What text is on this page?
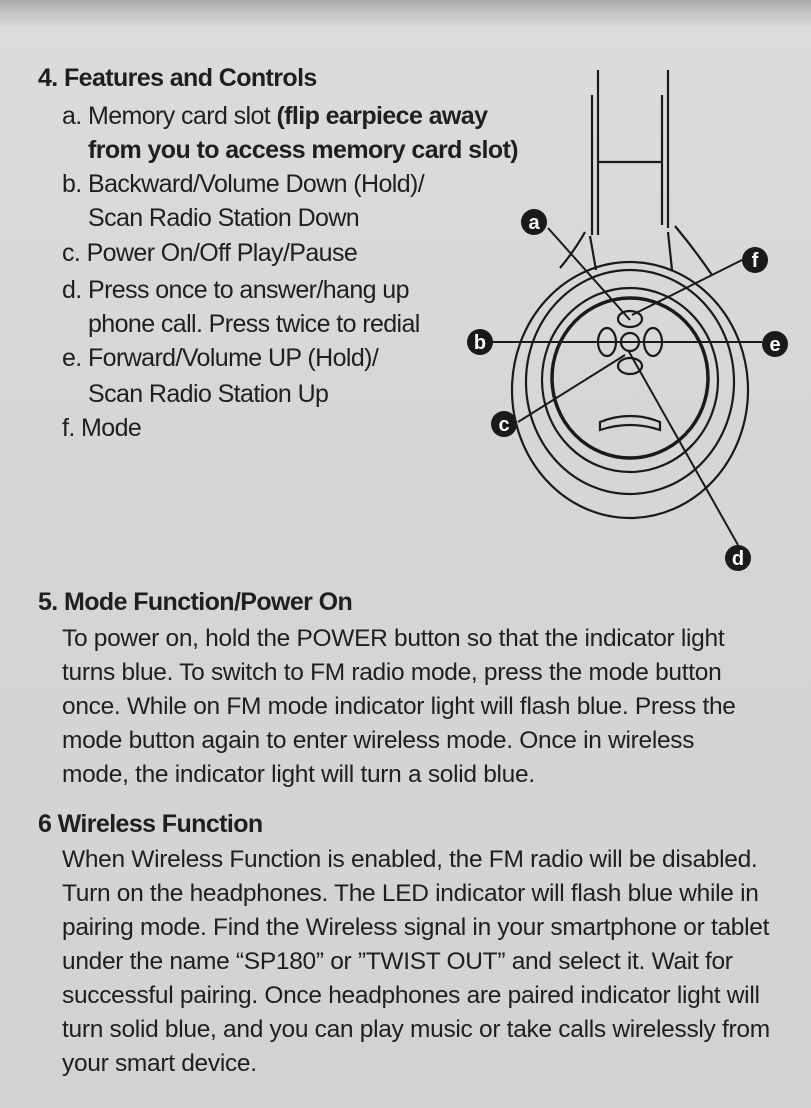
a
b
c
d
e
f
4. Features and Controls
a. Memory card slot (flip earpiece away
from you to access memory card slot)
b. Backward/Volume Down (Hold)/
Scan Radio Station Down
c. Power On/Off Play/Pause
d. Press once to answer/hang up
phone call. Press twice to redial
e. Forward/Volume UP (Hold)/
Scan Radio Station Up
f. Mode
5. Mode Function/Power On
To power on, hold the POWER button so that the indicator light
turns blue. To switch to FM radio mode, press the mode button
once. While on FM mode indicator light will flash blue. Press the
mode button again to enter wireless mode. Once in wireless
mode, the indicator light will turn a solid blue.
6 Wireless Function
When Wireless Function is enabled, the FM radio will be disabled.
Turn on the headphones. The LED indicator will flash blue while in
pairing mode. Find the Wireless signal in your smartphone or tablet
under the name “SP180” or ”TWIST OUT” and select it. Wait for
successful pairing. Once headphones are paired indicator light will
turn solid blue, and you can play music or take calls wirelessly from
your smart device.
